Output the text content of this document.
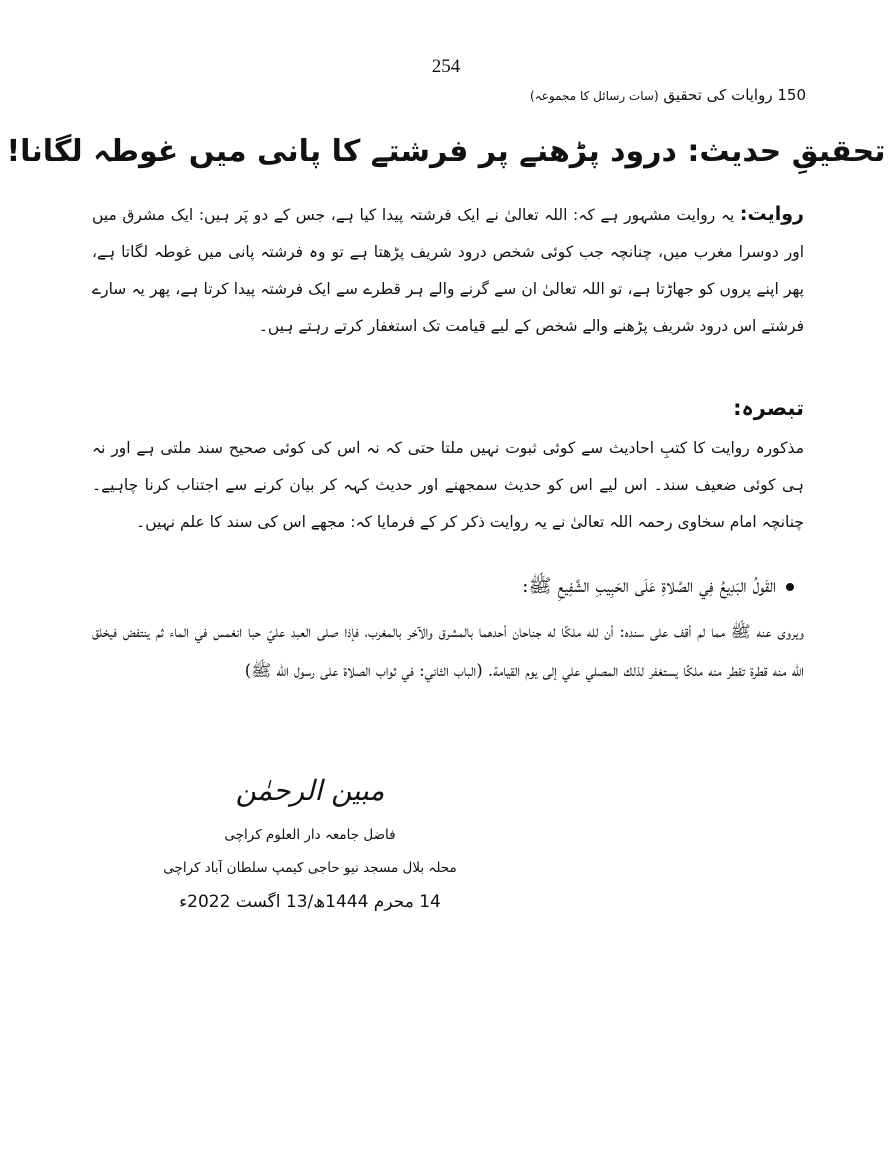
254
150 روایات کی تحقیق (سات رسائل کا مجموعہ)
تحقیقِ حدیث: درود پڑھنے پر فرشتے کا پانی میں غوطہ لگانا!
روایت: یہ روایت مشہور ہے کہ: اللہ تعالیٰ نے ایک فرشتہ پیدا کیا ہے، جس کے دو پَر ہیں: ایک مشرق میں اور دوسرا مغرب میں، چنانچہ جب کوئی شخص درود شریف پڑھتا ہے تو وہ فرشتہ پانی میں غوطہ لگاتا ہے، پھر اپنے پروں کو جھاڑتا ہے، تو اللہ تعالیٰ ان سے گرنے والے ہر قطرے سے ایک فرشتہ پیدا کرتا ہے، پھر یہ سارے فرشتے اس درود شریف پڑھنے والے شخص کے لیے قیامت تک استغفار کرتے رہتے ہیں۔
تبصرہ:
مذکورہ روایت کا کتبِ احادیث سے کوئی ثبوت نہیں ملتا حتی کہ نہ اس کی کوئی صحیح سند ملتی ہے اور نہ ہی کوئی ضعیف سند۔ اس لیے اس کو حدیث سمجھنے اور حدیث کہہ کر بیان کرنے سے اجتناب کرنا چاہیے۔ چنانچہ امام سخاوی رحمہ اللہ تعالیٰ نے یہ روایت ذکر کر کے فرمایا کہ: مجھے اس کی سند کا علم نہیں۔
القَولُ البَدِيعُ فِي الصَّلاةِ عَلَى الحَبِيبِ الشَّفِيعِ ﷺ:
ويروى عنه ﷺ مما لم أقف على سنده: أن لله ملكًا له جناحان أحدهما بالمشرق والآخر بالمغرب، فإذا صلى العبد عليّ حبا انغمس في الماء ثم ينتفض فيخلق الله منه قطرة تقطر منه ملكًا يستغفر لذلك المصلي علي إلى يوم القيامة. (الباب الثاني: في ثواب الصلاة على رسول الله ﷺ)
مبین الرحمٰن
فاضل جامعہ دار العلوم کراچی
محلہ بلال مسجد نیو حاجی کیمپ سلطان آباد کراچی
14 محرم 1444ھ/13 اگست 2022ء
